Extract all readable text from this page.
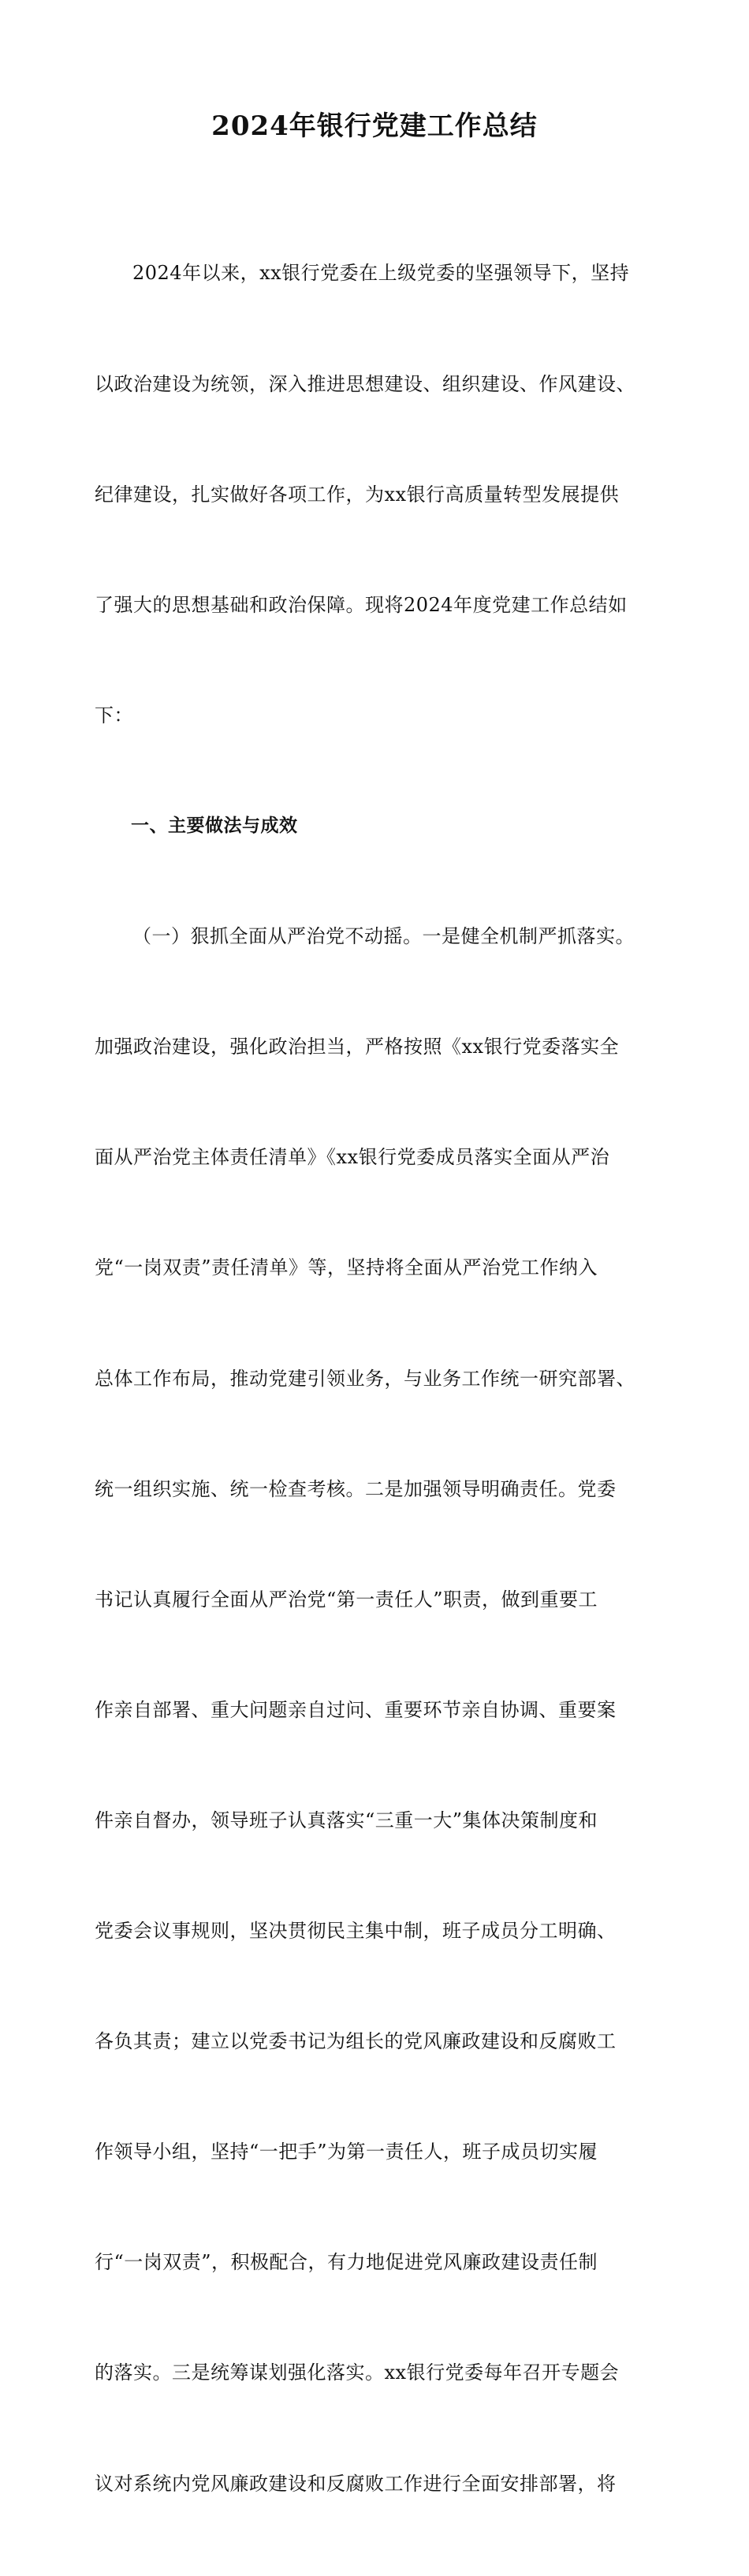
2024年银行党建工作总结

2024年以来，xx银行党委在上级党委的坚强领导下，坚持

以政治建设为统领，深入推进思想建设、组织建设、作风建设、

纪律建设，扎实做好各项工作，为xx银行高质量转型发展提供

了强大的思想基础和政治保障。现将2024年度党建工作总结如

下：

一、主要做法与成效

（一）狠抓全面从严治党不动摇。一是健全机制严抓落实。

加强政治建设，强化政治担当，严格按照《xx银行党委落实全

面从严治党主体责任清单》《xx银行党委成员落实全面从严治

党“一岗双责”责任清单》等，坚持将全面从严治党工作纳入

总体工作布局，推动党建引领业务，与业务工作统一研究部署、

统一组织实施、统一检查考核。二是加强领导明确责任。党委

书记认真履行全面从严治党“第一责任人”职责，做到重要工

作亲自部署、重大问题亲自过问、重要环节亲自协调、重要案

件亲自督办，领导班子认真落实“三重一大”集体决策制度和

党委会议事规则，坚决贯彻民主集中制，班子成员分工明确、

各负其责；建立以党委书记为组长的党风廉政建设和反腐败工

作领导小组，坚持“一把手”为第一责任人，班子成员切实履

行“一岗双责”，积极配合，有力地促进党风廉政建设责任制

的落实。三是统筹谋划强化落实。xx银行党委每年召开专题会

议对系统内党风廉政建设和反腐败工作进行全面安排部署，将
